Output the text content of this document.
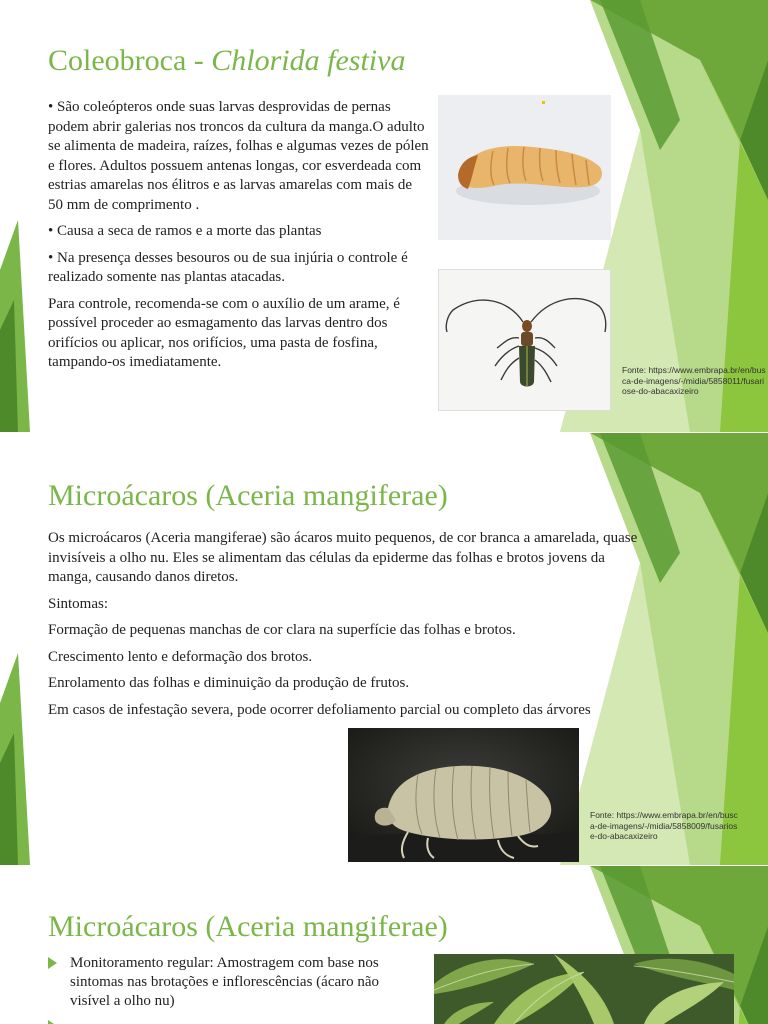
Coleobroca - Chlorida festiva

• São coleópteros onde suas larvas desprovidas de pernas podem abrir galerias nos troncos da cultura da manga.O adulto se alimenta de madeira, raízes, folhas e algumas vezes de pólen e flores. Adultos possuem antenas longas, cor esverdeada com estrias amarelas nos élitros e as larvas amarelas com mais de 50 mm de comprimento .

• Causa a seca de ramos e a morte das plantas

• Na presença desses besouros ou de sua injúria o controle é realizado somente nas plantas atacadas.

Para controle, recomenda-se com o auxílio de um arame, é possível proceder ao esmagamento das larvas dentro dos orifícios ou aplicar, nos orifícios, uma pasta de fosfina, tampando-os imediatamente.	Fonte: https://www.embrapa.br/en/busca-de-imagens/-/midia/5858011/fusariose-do-abacaxizeiro
Microácaros (Aceria mangiferae)

Os microácaros (Aceria mangiferae) são ácaros muito pequenos, de cor branca a amarelada, quase invisíveis a olho nu. Eles se alimentam das células da epiderme das folhas e brotos jovens da manga, causando danos diretos.

Sintomas:

Formação de pequenas manchas de cor clara na superfície das folhas e brotos.

Crescimento lento e deformação dos brotos.

Enrolamento das folhas e diminuição da produção de frutos.

Em casos de infestação severa, pode ocorrer defoliamento parcial ou completo das árvores

Fonte: https://www.embrapa.br/en/busca-de-imagens/-/midia/5858009/fusariose-do-abacaxizeiro
Microácaros (Aceria mangiferae)
Monitoramento regular: Amostragem com base nos sintomas nas brotações e inflorescências (ácaro não visível a olho nu)
